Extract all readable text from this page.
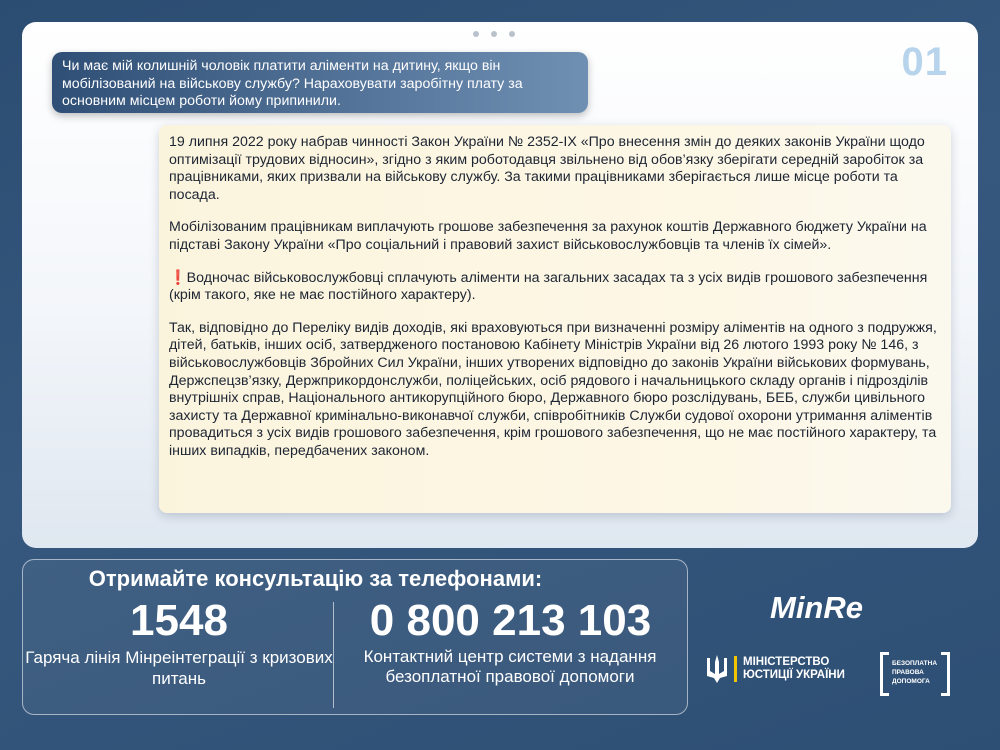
01
Чи має мій колишній чоловік платити аліменти на дитину, якщо він мобілізований на військову службу? Нараховувати заробітну плату за основним місцем роботи йому припинили.

19 липня 2022 року набрав чинності Закон України № 2352-IX «Про внесення змін до деяких законів України щодо оптимізації трудових відносин», згідно з яким роботодавця звільнено від обов’язку зберігати середній заробіток за працівниками, яких призвали на військову службу. За такими працівниками зберігається лише місце роботи та посада.

Мобілізованим працівникам виплачують грошове забезпечення за рахунок коштів Державного бюджету України на підставі Закону України «Про соціальний і правовий захист військовослужбовців та членів їх сімей».

❗Водночас військовослужбовці сплачують аліменти на загальних засадах та з усіх видів грошового забезпечення (крім такого, яке не має постійного характеру).

Так, відповідно до Переліку видів доходів, які враховуються при визначенні розміру аліментів на одного з подружжя, дітей, батьків, інших осіб, затвердженого постановою Кабінету Міністрів України від 26 лютого 1993 року № 146, з військовослужбовців Збройних Сил України, інших утворених відповідно до законів України військових формувань, Держспецзв’язку, Держприкордонслужби, поліцейських, осіб рядового і начальницького складу органів і підрозділів внутрішніх справ, Національного антикорупційного бюро, Державного бюро розслідувань, БЕБ, служби цивільного захисту та Державної кримінально-виконавчої служби, співробітників Служби судової охорони утримання аліментів провадиться з усіх видів грошового забезпечення, крім грошового забезпечення, що не має постійного характеру, та інших випадків, передбачених законом.

Отримайте консультацію за телефонами:
1548
Гаряча лінія Мінреінтеграції з кризових питань
0 800 213 103
Контактний центр системи з надання безоплатної правової допомоги
MinRe
МІНІСТЕРСТВО
ЮСТИЦІЇ УКРАЇНИ
БЕЗОПЛАТНА
ПРАВОВА
ДОПОМОГА
